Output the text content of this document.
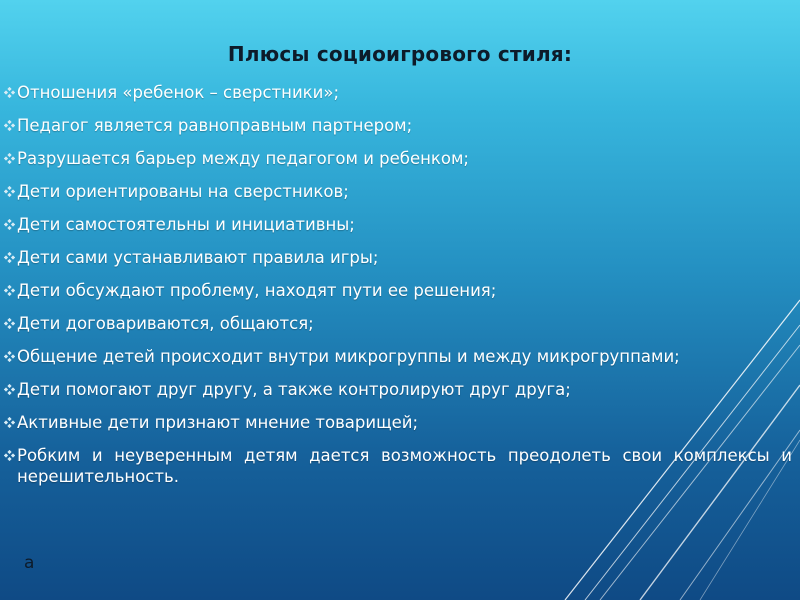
Плюсы социоигрового стиля:
Отношения «ребенок – сверстники»;
Педагог является равноправным партнером;
Разрушается барьер между педагогом и ребенком;
Дети ориентированы на сверстников;
Дети самостоятельны и инициативны;
Дети сами устанавливают правила игры;
Дети обсуждают проблему, находят пути ее решения;
Дети договариваются, общаются;
Общение детей происходит внутри микрогруппы и между микрогруппами;
Дети помогают друг другу, а также контролируют друг друга;
Активные дети признают мнение товарищей;
Робким и неуверенным детям дается возможность преодолеть свои комплексы и нерешительность.
а
